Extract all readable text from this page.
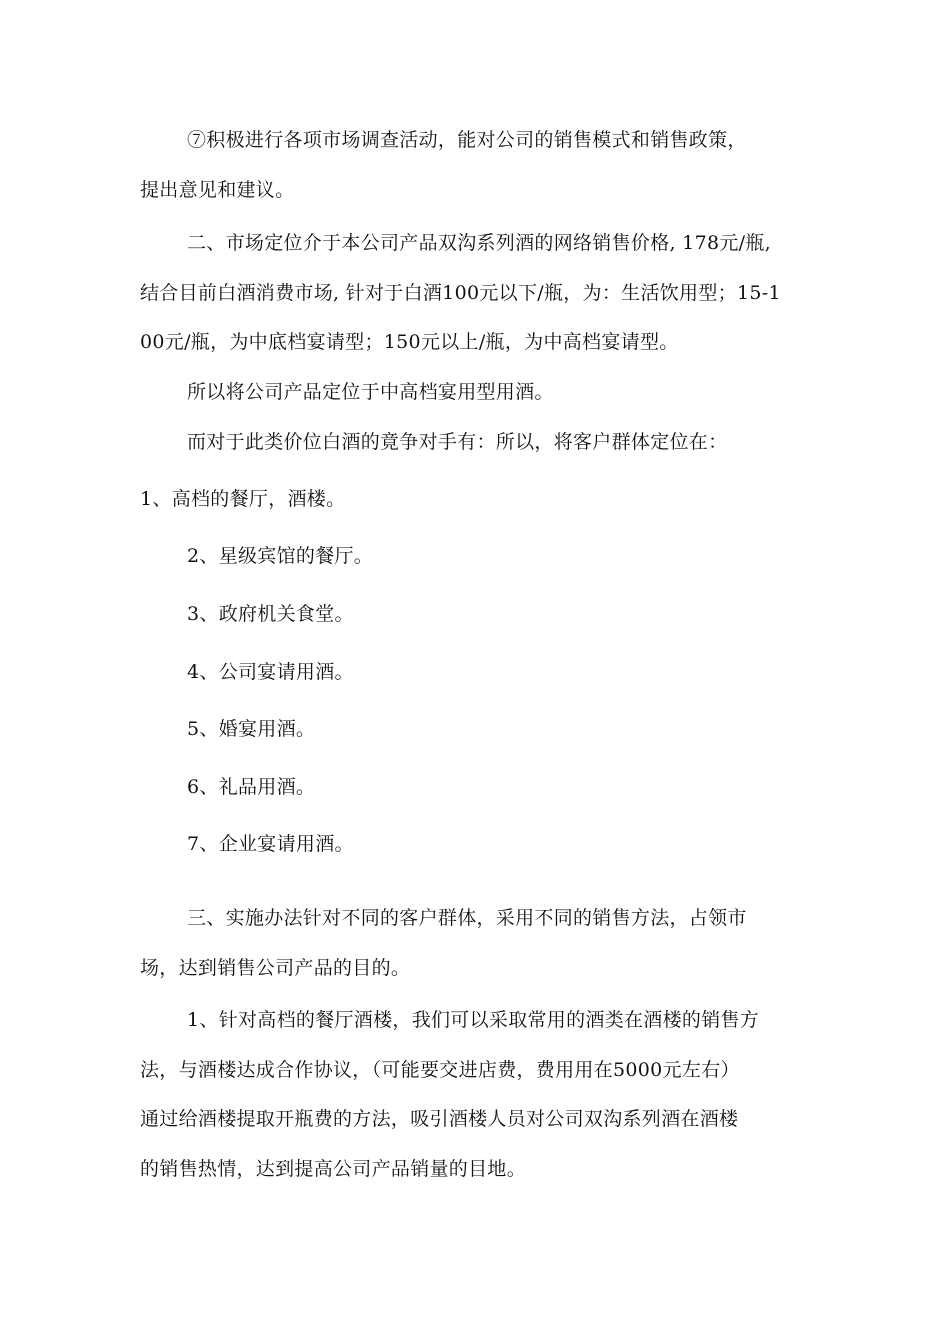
⑦积极进行各项市场调查活动，能对公司的销售模式和销售政策，
提出意见和建议。
二、市场定位介于本公司产品双沟系列酒的网络销售价格, 178元/瓶,
结合目前白酒消费市场, 针对于白酒100元以下/瓶，为：生活饮用型；15-1
00元/瓶，为中底档宴请型；150元以上/瓶，为中高档宴请型。
所以将公司产品定位于中高档宴用型用酒。
而对于此类价位白酒的竟争对手有：所以，将客户群体定位在：
1、高档的餐厅，酒楼。
2、星级宾馆的餐厅。
3、政府机关食堂。
4、公司宴请用酒。
5、婚宴用酒。
6、礼品用酒。
7、企业宴请用酒。
三、实施办法针对不同的客户群体，采用不同的销售方法，占领市
场，达到销售公司产品的目的。
1、针对高档的餐厅酒楼，我们可以采取常用的酒类在酒楼的销售方
法，与酒楼达成合作协议，（可能要交进店费，费用用在5000元左右）
通过给酒楼提取开瓶费的方法，吸引酒楼人员对公司双沟系列酒在酒楼
的销售热情，达到提高公司产品销量的目地。
